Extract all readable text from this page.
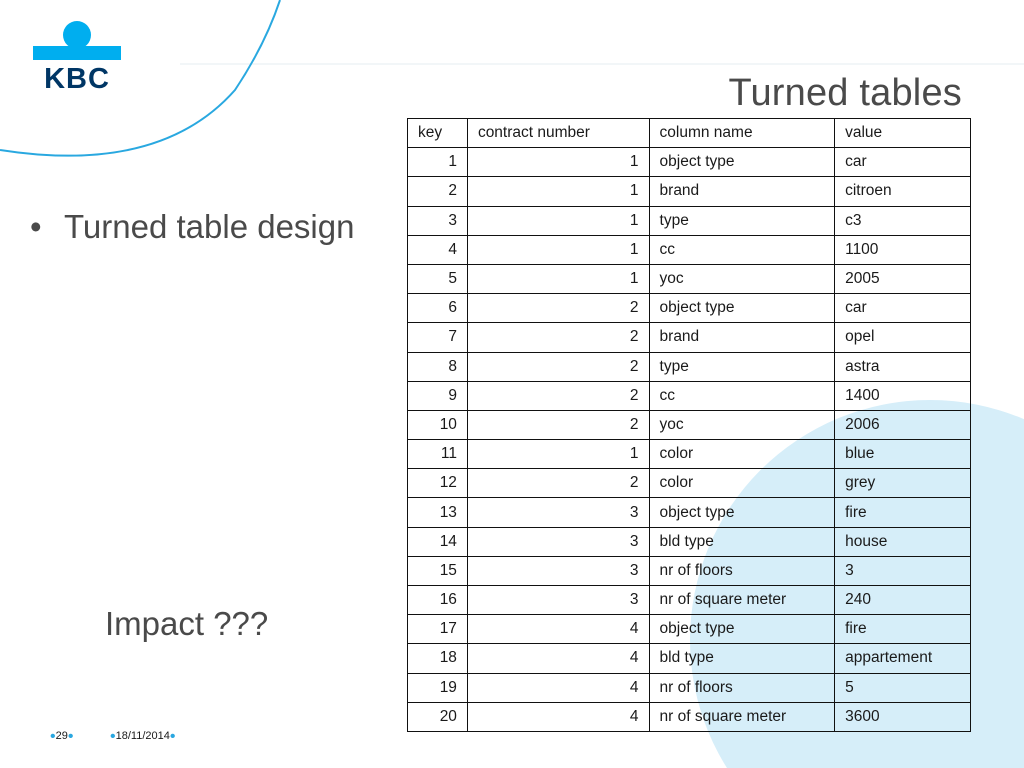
KBC	Turned tables
• Turned table design
Impact ???
key	contract number	column name	value
1	1	object type	car
2	1	brand	citroen
3	1	type	c3
4	1	cc	1100
5	1	yoc	2005
6	2	object type	car
7	2	brand	opel
8	2	type	astra
9	2	cc	1400
10	2	yoc	2006
11	1	color	blue
12	2	color	grey
13	3	object type	fire
14	3	bld type	house
15	3	nr of floors	3
16	3	nr of square meter	240
17	4	object type	fire
18	4	bld type	appartement
19	4	nr of floors	5
20	4	nr of square meter	3600
•29• •18/11/2014•
